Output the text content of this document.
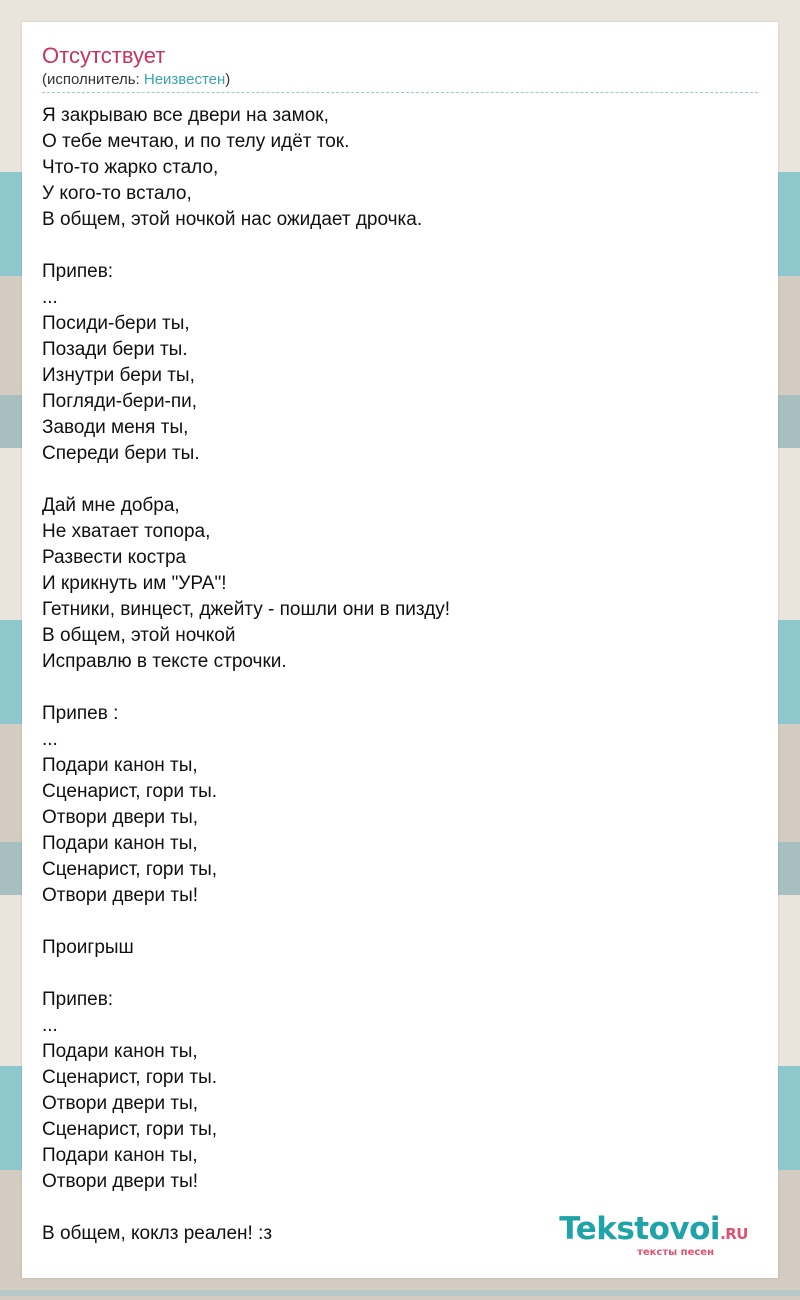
Отсутствует
(исполнитель: Неизвестен)
Я закрываю все двери на замок,
О тебе мечтаю, и по телу идёт ток.
Что-то жарко стало,
У кого-то встало,
В общем, этой ночкой нас ожидает дрочка.

Припев:
...
Посиди-бери ты,
Позади бери ты.
Изнутри бери ты,
Погляди-бери-пи,
Заводи меня ты,
Спереди бери ты.

Дай мне добра,
Не хватает топора,
Развести костра
И крикнуть им "УРА"!
Гетники, винцест, джейту - пошли они в пизду!
В общем, этой ночкой
Исправлю в тексте строчки.

Припев :
...
Подари канон ты,
Сценарист, гори ты.
Отвори двери ты,
Подари канон ты,
Сценарист, гори ты,
Отвори двери ты!

Проигрыш

Припев:
...
Подари канон ты,
Сценарист, гори ты.
Отвори двери ты,
Сценарист, гори ты,
Подари канон ты,
Отвори двери ты!

В общем, коклз реален! :з	Tekstovoi.RU
тексты песен
